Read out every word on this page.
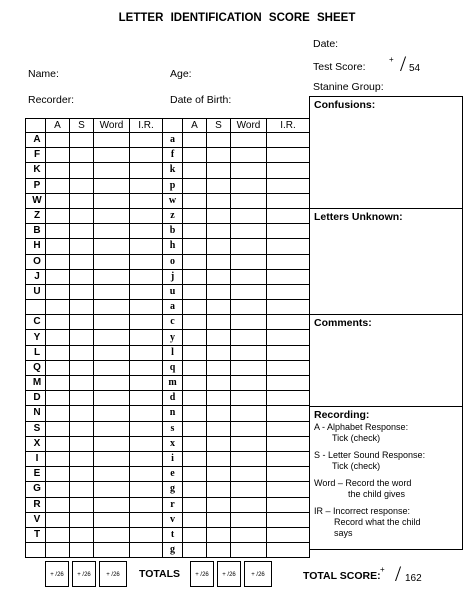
LETTER IDENTIFICATION SCORE SHEET
Date:
Name:	Age:
Test Score:
+ / 54
Recorder:	Date of Birth:
Stanine Group:
	A	S	Word	I.R.		A	S	Word	I.R.
A					a				
F					f				
K					k				
P					p				
W					w				
Z					z				
B					b				
H					h				
O					o				
J					j				
U					u				
					a				
C					c				
Y					y				
L					l				
Q					q				
M					m				
D					d				
N					n				
S					s				
X					x				
I					i				
E					e				
G					g				
R					r				
V					v				
T					t				
					g				
Confusions:
Letters Unknown:
Comments:
Recording:
A - Alphabet Response:
Tick (check)
S - Letter Sound Response:
Tick (check)
Word – Record the word
the child gives
IR – Incorrect response:
Record what the child
says
+ /26	+ /26	+ /26	TOTALS	+ /26	+ /26	+ /26	TOTAL SCORE:
+ / 162
